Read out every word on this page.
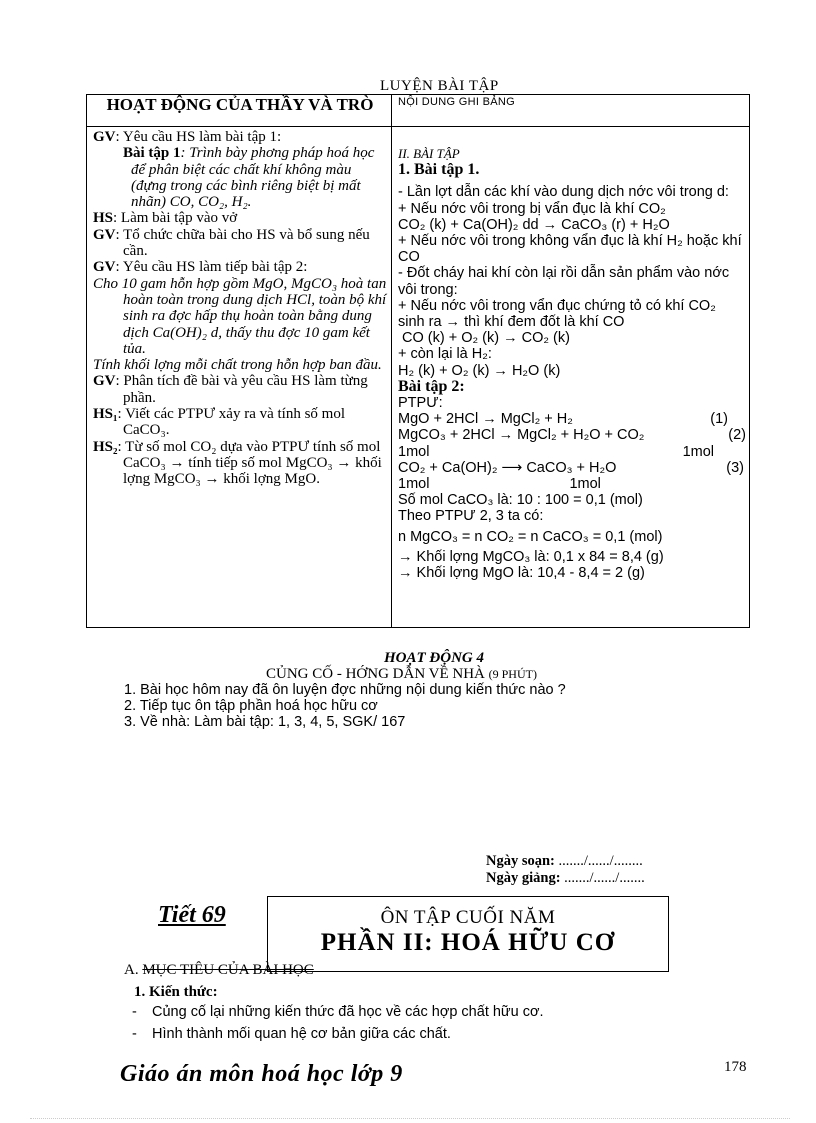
LUYỆN BÀI TẬP
HOẠT ĐỘNG CỦA THẦY VÀ TRÒ	NỘI DUNG GHI BẢNG

GV: Yêu cầu HS làm bài tập 1:

Bài tập 1: Trình bày phơng pháp hoá học để phân biệt các chất khí không màu (đựng trong các bình riêng biệt bị mất nhãn) CO, CO₂, H₂.

HS: Làm bài tập vào vở

GV: Tổ chức chữa bài cho HS và bổ sung nếu cần.

GV: Yêu cầu HS làm tiếp bài tập 2:

Cho 10 gam hỗn hợp gồm MgO, MgCO₃ hoà tan hoàn toàn trong dung dịch HCl, toàn bộ khí sinh ra đợc hấp thụ hoàn toàn bằng dung dịch Ca(OH)₂ d, thấy thu đợc 10 gam kết tủa.

Tính khối lợng mỗi chất trong hỗn hợp ban đầu.

GV: Phân tích đề bài và yêu cầu HS làm từng phần.

HS₁: Viết các PTPƯ xảy ra và tính số mol CaCO₃.

HS₂: Từ số mol CO₂ dựa vào PTPƯ tính số mol CaCO₃ → tính tiếp số mol MgCO₃ → khối lợng MgCO₃ → khối lợng MgO.

II. BÀI TẬP

1. Bài tập 1.

- Lần lợt dẫn các khí vào dung dịch nớc vôi trong d:

+ Nếu nớc vôi trong bị vẩn đục là khí CO₂

CO₂ (k) + Ca(OH)₂ dd → CaCO₃ (r) + H₂O

+ Nếu nớc vôi trong không vẩn đục là khí H₂ hoặc khí CO

- Đốt cháy hai khí còn lại rồi dẫn sản phẩm vào nớc vôi trong:

+ Nếu nớc vôi trong vẩn đục chứng tỏ có khí CO₂ sinh ra → thì khí đem đốt là khí CO

CO (k) + O₂ (k) → CO₂ (k)

+ còn lại là H₂:

H₂ (k) + O₂ (k) → H₂O (k)

Bài tập 2:

PTPƯ:

MgO + 2HCl → MgCl₂ + H₂	(1)
MgCO₃ + 2HCl → MgCl₂ + H₂O + CO₂	(2)
1mol	1mol
CO₂ + Ca(OH)₂ ⟶ CaCO₃ + H₂O	(3)
1mol	1mol

Số mol CaCO₃ là: 10 : 100 = 0,1 (mol)

Theo PTPƯ 2, 3 ta có:

n MgCO₃ = n CO₂ = n CaCO₃ = 0,1 (mol)

→ Khối lợng MgCO₃ là: 0,1 x 84 = 8,4 (g)

→ Khối lợng MgO là: 10,4 - 8,4 = 2 (g)

HOẠT ĐỘNG 4
CỦNG CỐ - HỚNG DẪN VỀ NHÀ (9 PHÚT)

1. Bài học hôm nay đã ôn luyện đợc những nội dung kiến thức nào ?

2. Tiếp tục ôn tập phần hoá học hữu cơ

3. Về nhà: Làm bài tập: 1, 3, 4, 5, SGK/ 167

Ngày soạn: ......./....../........
Ngày giảng: ......./....../.......
Tiết 69	ÔN TẬP CUỐI NĂM
PHẦN II: HOÁ HỮU CƠ
A. MỤC TIÊU CỦA BÀI HỌC
1. Kiến thức:
- Củng cố lại những kiến thức đã học về các hợp chất hữu cơ.
- Hình thành mối quan hệ cơ bản giữa các chất.
Giáo án môn hoá học lớp 9	178
